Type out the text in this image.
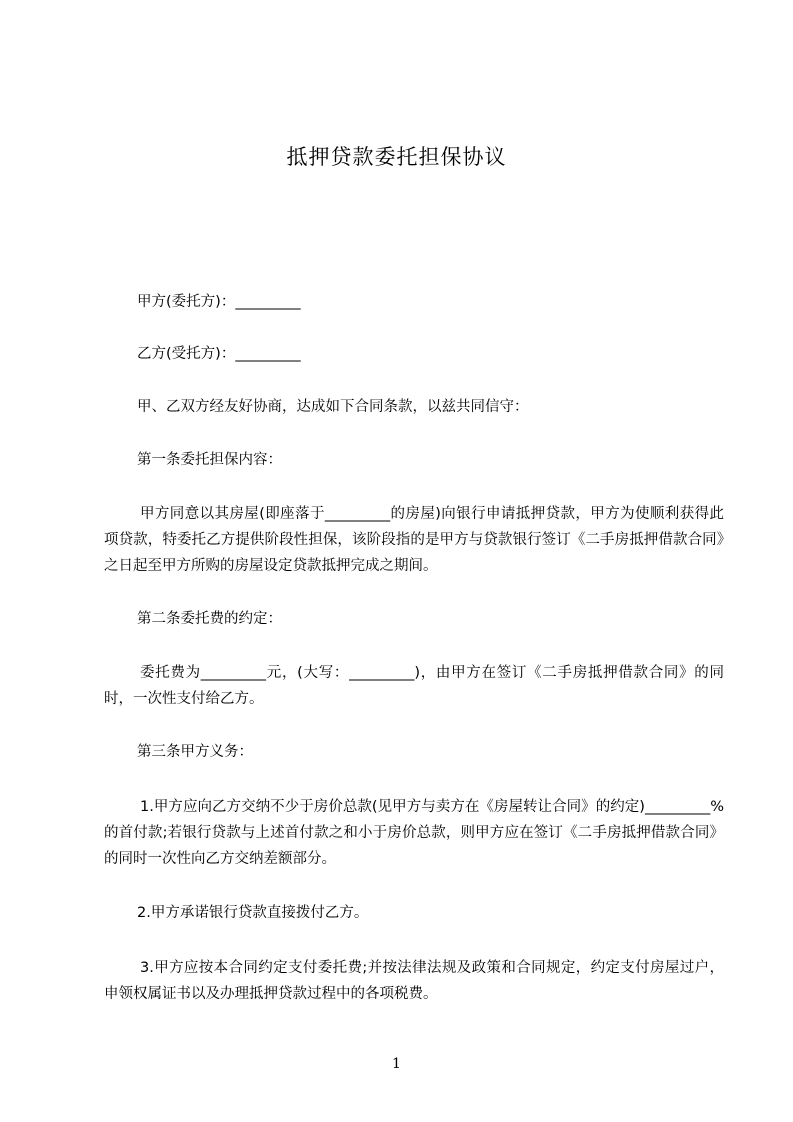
抵押贷款委托担保协议

甲方(委托方)：_________

乙方(受托方)：_________

甲、乙双方经友好协商，达成如下合同条款，以兹共同信守：

第一条委托担保内容：

甲方同意以其房屋(即座落于_________的房屋)向银行申请抵押贷款，甲方为使顺利获得此项贷款，特委托乙方提供阶段性担保，该阶段指的是甲方与贷款银行签订《二手房抵押借款合同》之日起至甲方所购的房屋设定贷款抵押完成之期间。

第二条委托费的约定：

委托费为_________元，(大写：_________)，由甲方在签订《二手房抵押借款合同》的同时，一次性支付给乙方。

第三条甲方义务：

1.甲方应向乙方交纳不少于房价总款(见甲方与卖方在《房屋转让合同》的约定)_________%的首付款;若银行贷款与上述首付款之和小于房价总款，则甲方应在签订《二手房抵押借款合同》的同时一次性向乙方交纳差额部分。

2.甲方承诺银行贷款直接拨付乙方。

3.甲方应按本合同约定支付委托费;并按法律法规及政策和合同规定，约定支付房屋过户，申领权属证书以及办理抵押贷款过程中的各项税费。

1
